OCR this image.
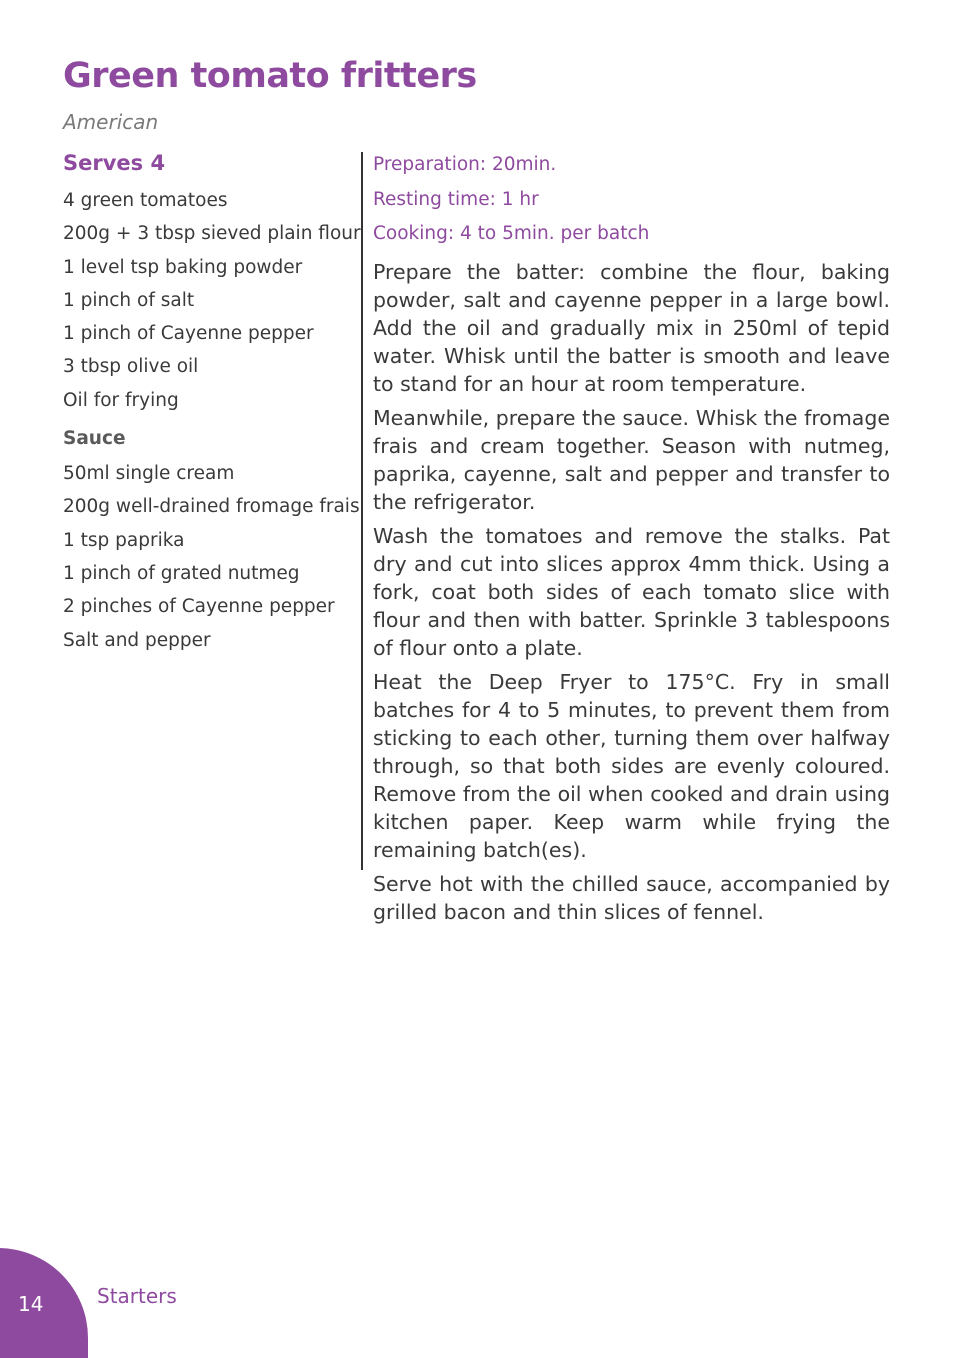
Green tomato fritters
American
Serves 4
4 green tomatoes
200g + 3 tbsp sieved plain flour
1 level tsp baking powder
1 pinch of salt
1 pinch of Cayenne pepper
3 tbsp olive oil
Oil for frying
Sauce
50ml single cream
200g well-drained fromage frais
1 tsp paprika
1 pinch of grated nutmeg
2 pinches of Cayenne pepper
Salt and pepper
Preparation: 20min.
Resting time: 1 hr
Cooking: 4 to 5min. per batch

Prepare the batter: combine the flour, baking powder, salt and cayenne pepper in a large bowl. Add the oil and gradually mix in 250ml of tepid water. Whisk until the batter is smooth and leave to stand for an hour at room temperature.

Meanwhile, prepare the sauce. Whisk the fromage frais and cream together. Season with nutmeg, paprika, cayenne, salt and pepper and transfer to the refrigerator.

Wash the tomatoes and remove the stalks. Pat dry and cut into slices approx 4mm thick. Using a fork, coat both sides of each tomato slice with flour and then with batter. Sprinkle 3 tablespoons of flour onto a plate.

Heat the Deep Fryer to 175°C. Fry in small batches for 4 to 5 minutes, to prevent them from sticking to each other, turning them over halfway through, so that both sides are evenly coloured. Remove from the oil when cooked and drain using kitchen paper. Keep warm while frying the remaining batch(es).

Serve hot with the chilled sauce, accompanied by grilled bacon and thin slices of fennel.

14	Starters
